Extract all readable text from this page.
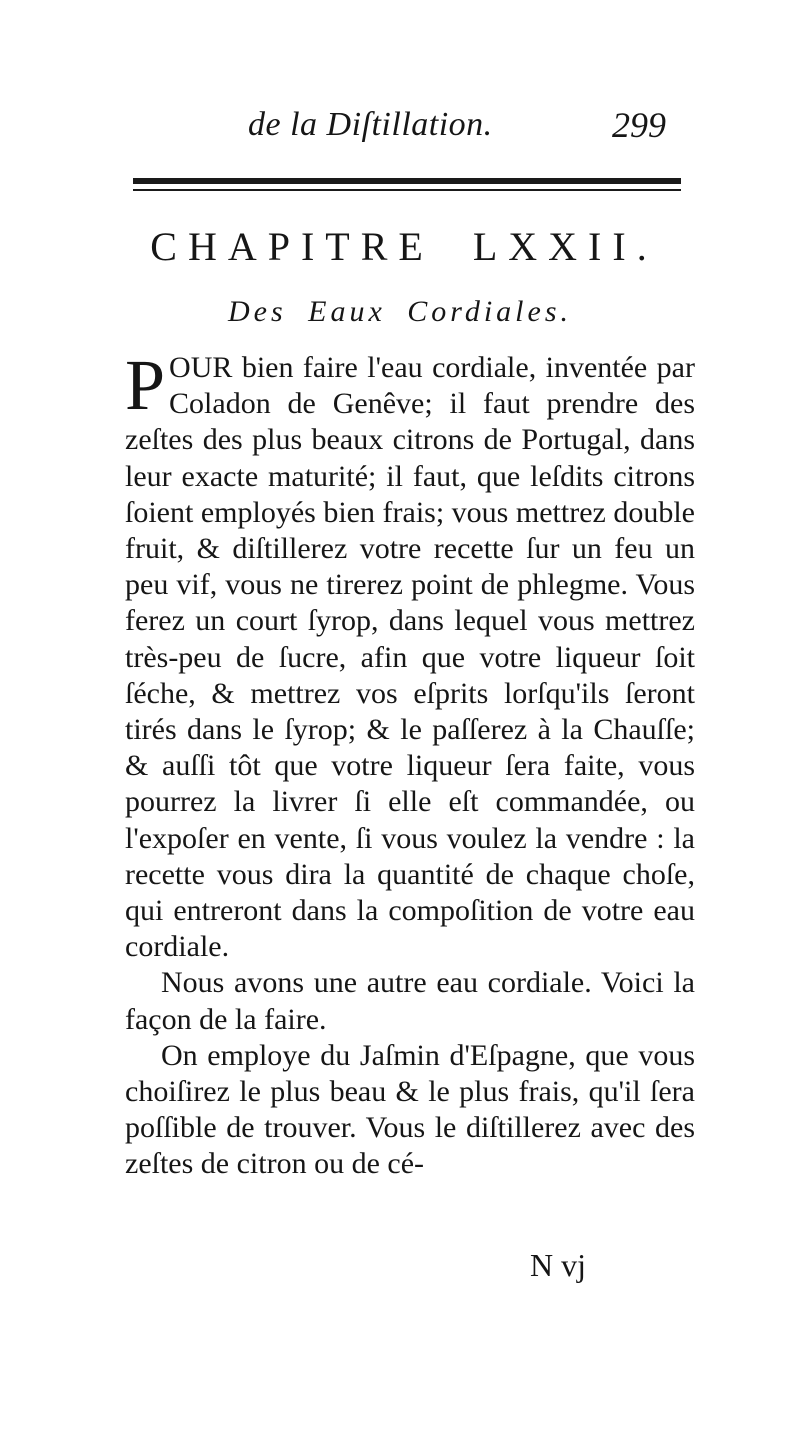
de la Diſtillation.	299
CHAPITRE LXXII.
Des Eaux Cordiales.

POUR bien faire l'eau cordiale, inventée par Coladon de Genêve; il faut prendre des zeſtes des plus beaux citrons de Portugal, dans leur exacte maturité; il faut, que leſdits citrons ſoient employés bien frais; vous mettrez double fruit, & diſtillerez votre recette ſur un feu un peu vif, vous ne tirerez point de phlegme. Vous ferez un court ſyrop, dans lequel vous mettrez très-peu de ſucre, afin que votre liqueur ſoit ſéche, & mettrez vos eſprits lorſqu'ils ſeront tirés dans le ſyrop; & le paſſerez à la Chauſſe; & auſſi tôt que votre liqueur ſera faite, vous pourrez la livrer ſi elle eſt commandée, ou l'expoſer en vente, ſi vous voulez la vendre : la recette vous dira la quantité de chaque choſe, qui entreront dans la compoſition de votre eau cordiale.

Nous avons une autre eau cordiale. Voici la façon de la faire.

On employe du Jaſmin d'Eſpagne, que vous choiſirez le plus beau & le plus frais, qu'il ſera poſſible de trouver. Vous le diſtillerez avec des zeſtes de citron ou de cé-

N vj
